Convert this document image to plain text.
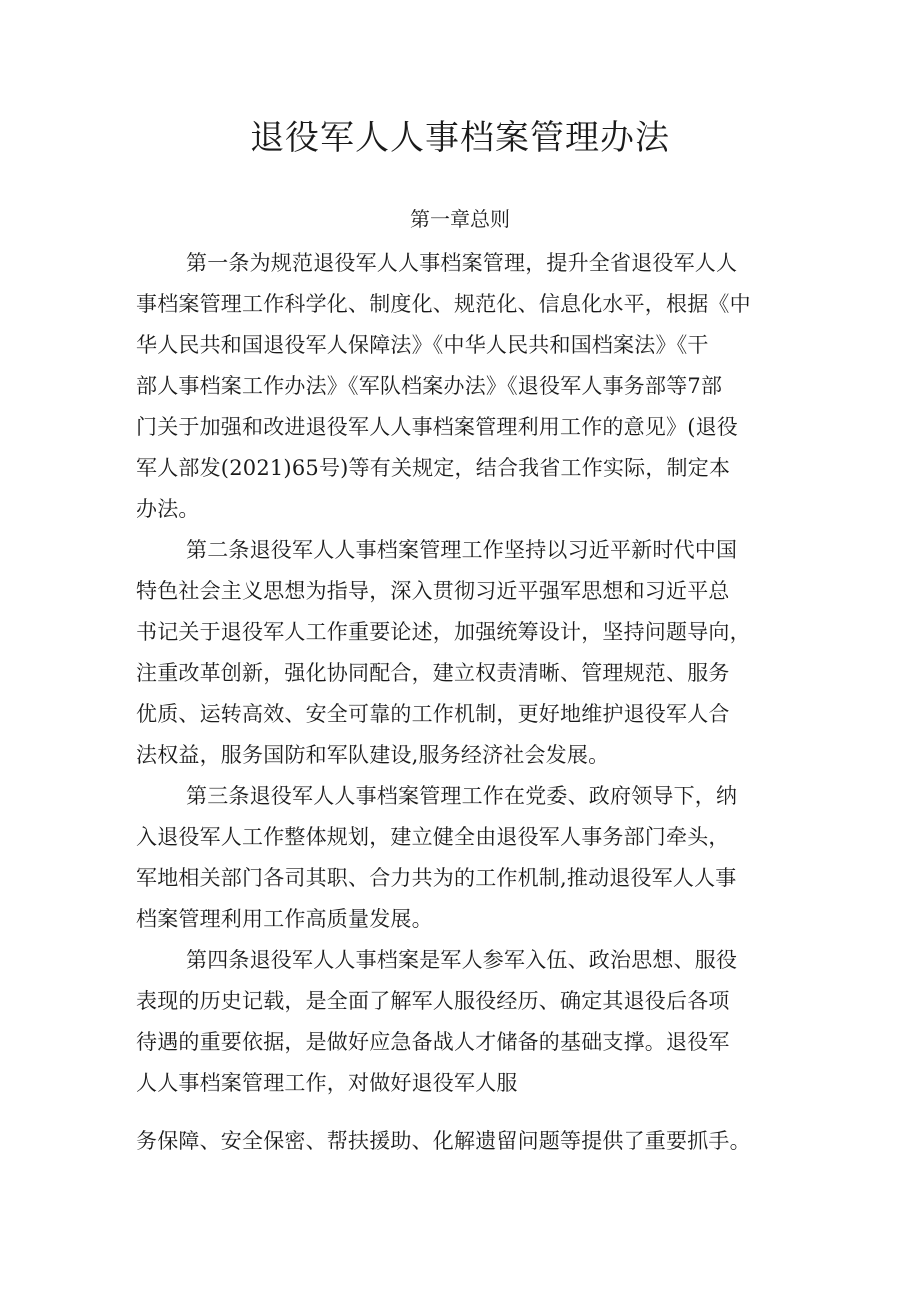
退役军人人事档案管理办法
第一章总则

第一条为规范退役军人人事档案管理，提升全省退役军人人

事档案管理工作科学化、制度化、规范化、信息化水平，根据《中

华人民共和国退役军人保障法》《中华人民共和国档案法》《干

部人事档案工作办法》《军队档案办法》《退役军人事务部等7部

门关于加强和改进退役军人人事档案管理利用工作的意见》(退役

军人部发(2021)65号)等有关规定，结合我省工作实际，制定本

办法。

第二条退役军人人事档案管理工作坚持以习近平新时代中国

特色社会主义思想为指导，深入贯彻习近平强军思想和习近平总

书记关于退役军人工作重要论述，加强统筹设计，坚持问题导向，

注重改革创新，强化协同配合，建立权责清晰、管理规范、服务

优质、运转高效、安全可靠的工作机制，更好地维护退役军人合

法权益，服务国防和军队建设,服务经济社会发展。

第三条退役军人人事档案管理工作在党委、政府领导下，纳

入退役军人工作整体规划，建立健全由退役军人事务部门牵头，

军地相关部门各司其职、合力共为的工作机制,推动退役军人人事

档案管理利用工作高质量发展。

第四条退役军人人事档案是军人参军入伍、政治思想、服役

表现的历史记载，是全面了解军人服役经历、确定其退役后各项

待遇的重要依据，是做好应急备战人才储备的基础支撑。退役军

人人事档案管理工作，对做好退役军人服

务保障、安全保密、帮扶援助、化解遗留问题等提供了重要抓手。
